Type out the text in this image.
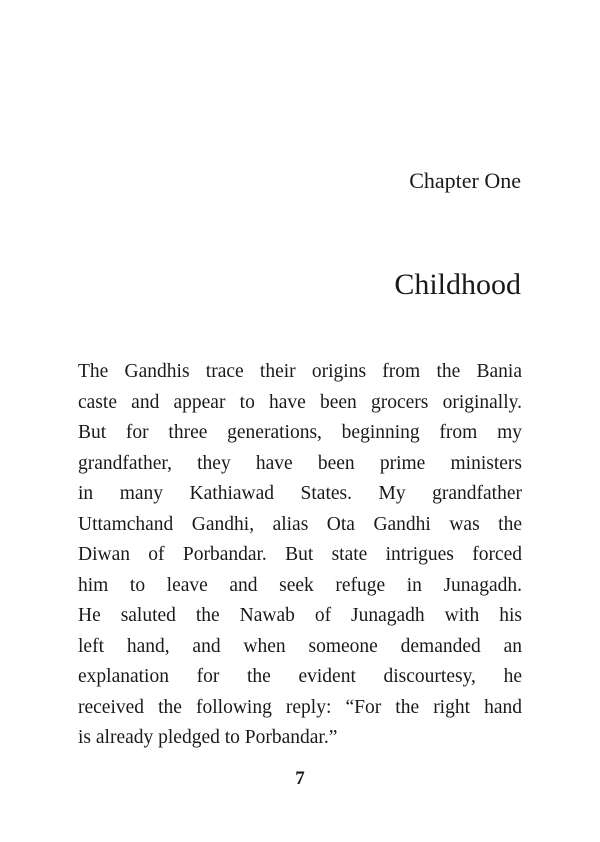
Chapter One
Childhood
The Gandhis trace their origins from the Bania
caste and appear to have been grocers originally.
But for three generations, beginning from my
grandfather, they have been prime ministers
in many Kathiawad States. My grandfather
Uttamchand Gandhi, alias Ota Gandhi was the
Diwan of Porbandar. But state intrigues forced
him to leave and seek refuge in Junagadh.
He saluted the Nawab of Junagadh with his
left hand, and when someone demanded an
explanation for the evident discourtesy, he
received the following reply: “For the right hand
is already pledged to Porbandar.”
7
